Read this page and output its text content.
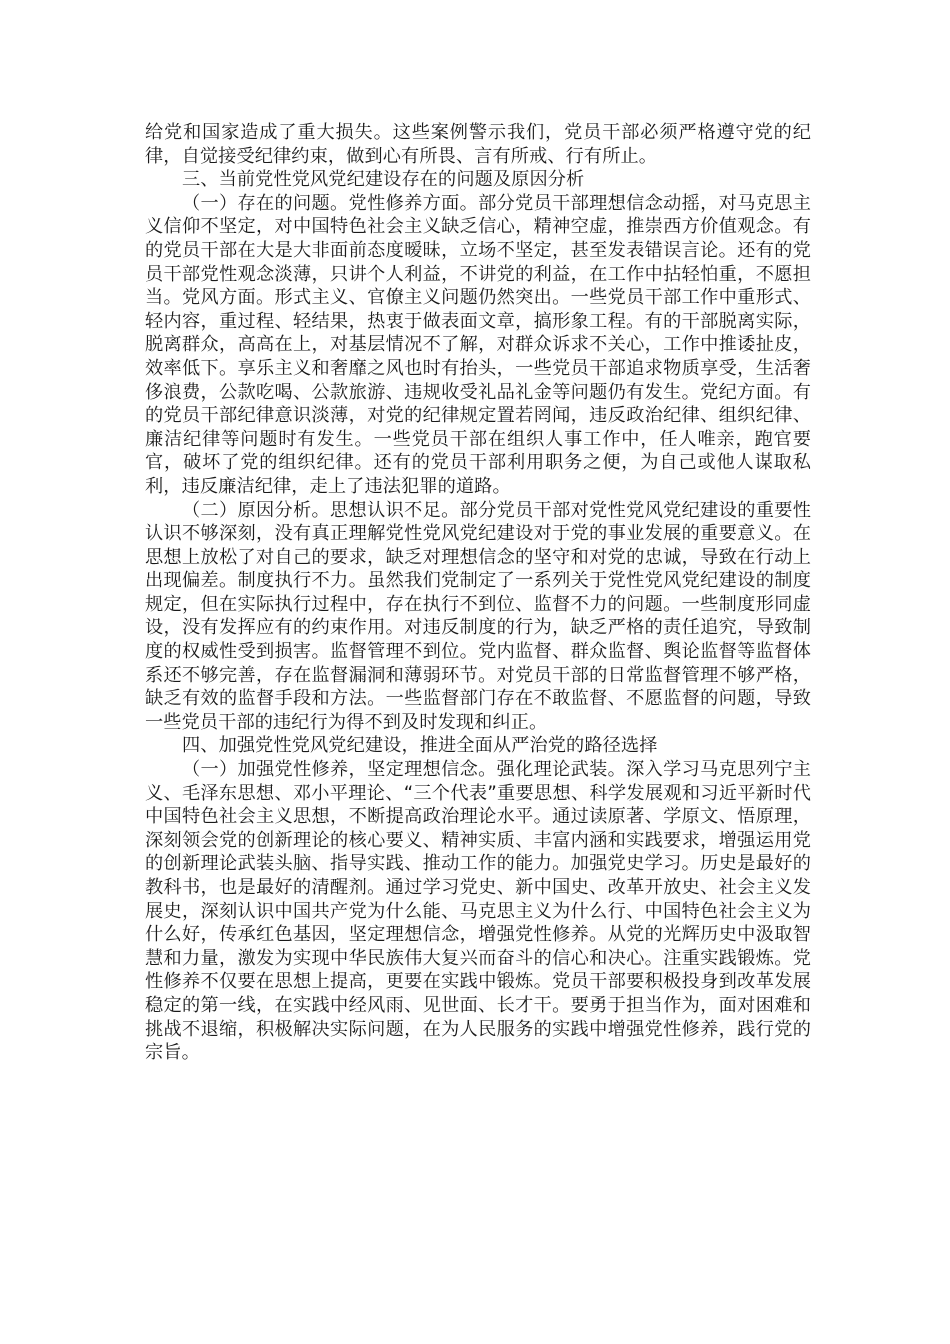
给党和国家造成了重大损失。这些案例警示我们，党员干部必须严格遵守党的纪律，自觉接受纪律约束，做到心有所畏、言有所戒、行有所止。

三、当前党性党风党纪建设存在的问题及原因分析

（一）存在的问题。党性修养方面。部分党员干部理想信念动摇，对马克思主义信仰不坚定，对中国特色社会主义缺乏信心，精神空虚，推崇西方价值观念。有的党员干部在大是大非面前态度暧昧，立场不坚定，甚至发表错误言论。还有的党员干部党性观念淡薄，只讲个人利益，不讲党的利益，在工作中拈轻怕重，不愿担当。党风方面。形式主义、官僚主义问题仍然突出。一些党员干部工作中重形式、轻内容，重过程、轻结果，热衷于做表面文章，搞形象工程。有的干部脱离实际，脱离群众，高高在上，对基层情况不了解，对群众诉求不关心，工作中推诿扯皮，效率低下。享乐主义和奢靡之风也时有抬头，一些党员干部追求物质享受，生活奢侈浪费，公款吃喝、公款旅游、违规收受礼品礼金等问题仍有发生。党纪方面。有的党员干部纪律意识淡薄，对党的纪律规定置若罔闻，违反政治纪律、组织纪律、廉洁纪律等问题时有发生。一些党员干部在组织人事工作中，任人唯亲，跑官要官，破坏了党的组织纪律。还有的党员干部利用职务之便，为自己或他人谋取私利，违反廉洁纪律，走上了违法犯罪的道路。

（二）原因分析。思想认识不足。部分党员干部对党性党风党纪建设的重要性认识不够深刻，没有真正理解党性党风党纪建设对于党的事业发展的重要意义。在思想上放松了对自己的要求，缺乏对理想信念的坚守和对党的忠诚，导致在行动上出现偏差。制度执行不力。虽然我们党制定了一系列关于党性党风党纪建设的制度规定，但在实际执行过程中，存在执行不到位、监督不力的问题。一些制度形同虚设，没有发挥应有的约束作用。对违反制度的行为，缺乏严格的责任追究，导致制度的权威性受到损害。监督管理不到位。党内监督、群众监督、舆论监督等监督体系还不够完善，存在监督漏洞和薄弱环节。对党员干部的日常监督管理不够严格，缺乏有效的监督手段和方法。一些监督部门存在不敢监督、不愿监督的问题，导致一些党员干部的违纪行为得不到及时发现和纠正。

四、加强党性党风党纪建设，推进全面从严治党的路径选择

（一）加强党性修养，坚定理想信念。强化理论武装。深入学习马克思列宁主义、毛泽东思想、邓小平理论、“三个代表”重要思想、科学发展观和习近平新时代中国特色社会主义思想，不断提高政治理论水平。通过读原著、学原文、悟原理，深刻领会党的创新理论的核心要义、精神实质、丰富内涵和实践要求，增强运用党的创新理论武装头脑、指导实践、推动工作的能力。加强党史学习。历史是最好的教科书，也是最好的清醒剂。通过学习党史、新中国史、改革开放史、社会主义发展史，深刻认识中国共产党为什么能、马克思主义为什么行、中国特色社会主义为什么好，传承红色基因，坚定理想信念，增强党性修养。从党的光辉历史中汲取智慧和力量，激发为实现中华民族伟大复兴而奋斗的信心和决心。注重实践锻炼。党性修养不仅要在思想上提高，更要在实践中锻炼。党员干部要积极投身到改革发展稳定的第一线，在实践中经风雨、见世面、长才干。要勇于担当作为，面对困难和挑战不退缩，积极解决实际问题，在为人民服务的实践中增强党性修养，践行党的宗旨。
